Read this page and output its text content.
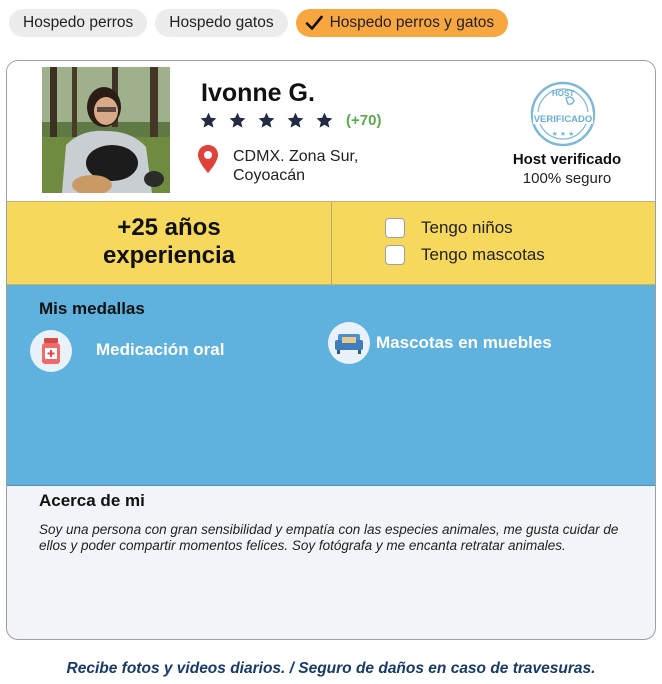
Hospedo perros Hospedo gatos	Hospedo perros y gatos
Ivonne G.
(+70)
CDMX. Zona Sur,
Coyoacán
HOST
VERIFICADO
★ ★ ★
Host verificado
100% seguro
+25 años
experiencia
Tengo niños
Tengo mascotas
Mis medallas
Medicación oral	Mascotas en muebles
Acerca de mi
Soy una persona con gran sensibilidad y empatía con las especies animales, me gusta cuidar de ellos y poder compartir momentos felices. Soy fotógrafa y me encanta retratar animales.
Recibe fotos y videos diarios. / Seguro de daños en caso de travesuras.
